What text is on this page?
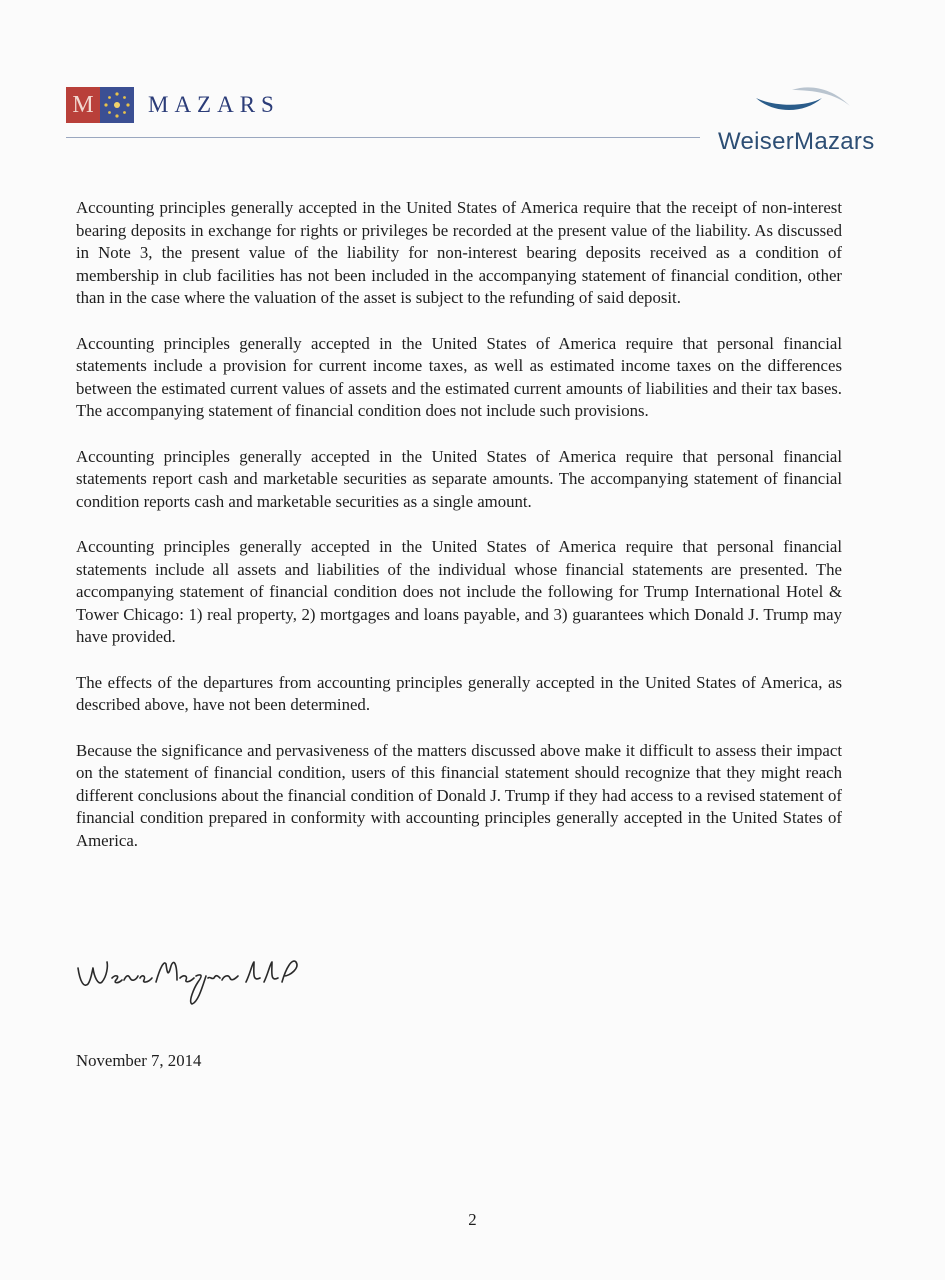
M MAZARS
WeiserMazars

Accounting principles generally accepted in the United States of America require that the receipt of non-interest bearing deposits in exchange for rights or privileges be recorded at the present value of the liability. As discussed in Note 3, the present value of the liability for non-interest bearing deposits received as a condition of membership in club facilities has not been included in the accompanying statement of financial condition, other than in the case where the valuation of the asset is subject to the refunding of said deposit.

Accounting principles generally accepted in the United States of America require that personal financial statements include a provision for current income taxes, as well as estimated income taxes on the differences between the estimated current values of assets and the estimated current amounts of liabilities and their tax bases. The accompanying statement of financial condition does not include such provisions.

Accounting principles generally accepted in the United States of America require that personal financial statements report cash and marketable securities as separate amounts. The accompanying statement of financial condition reports cash and marketable securities as a single amount.

Accounting principles generally accepted in the United States of America require that personal financial statements include all assets and liabilities of the individual whose financial statements are presented. The accompanying statement of financial condition does not include the following for Trump International Hotel & Tower Chicago: 1) real property, 2) mortgages and loans payable, and 3) guarantees which Donald J. Trump may have provided.

The effects of the departures from accounting principles generally accepted in the United States of America, as described above, have not been determined.

Because the significance and pervasiveness of the matters discussed above make it difficult to assess their impact on the statement of financial condition, users of this financial statement should recognize that they might reach different conclusions about the financial condition of Donald J. Trump if they had access to a revised statement of financial condition prepared in conformity with accounting principles generally accepted in the United States of America.

November 7, 2014
2
